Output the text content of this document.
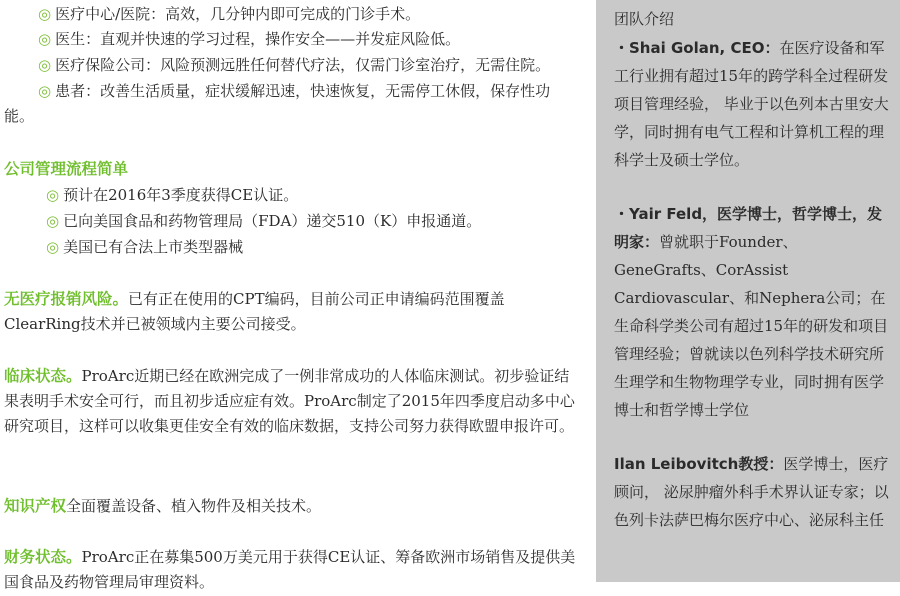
◎ 医疗中心/医院：高效，几分钟内即可完成的门诊手术。
◎ 医生：直观并快速的学习过程，操作安全——并发症风险低。
◎ 医疗保险公司：风险预测远胜任何替代疗法，仅需门诊室治疗，无需住院。
◎ 患者：改善生活质量，症状缓解迅速，快速恢复，无需停工休假，保存性功能。
公司管理流程简单
◎ 预计在2016年3季度获得CE认证。
◎ 已向美国食品和药物管理局（FDA）递交510（K）申报通道。
◎ 美国已有合法上市类型器械
无医疗报销风险。已有正在使用的CPT编码，目前公司正申请编码范围覆盖ClearRing技术并已被领域内主要公司接受。
临床状态。ProArc近期已经在欧洲完成了一例非常成功的人体临床测试。初步验证结果表明手术安全可行，而且初步适应症有效。ProArc制定了2015年四季度启动多中心研究项目，这样可以收集更佳安全有效的临床数据，支持公司努力获得欧盟申报许可。
知识产权全面覆盖设备、植入物件及相关技术。
财务状态。ProArc正在募集500万美元用于获得CE认证、筹备欧洲市场销售及提供美国食品及药物管理局审理资料。
团队介绍
・Shai Golan, CEO：在医疗设备和军工行业拥有超过15年的跨学科全过程研发项目管理经验， 毕业于以色列本古里安大学，同时拥有电气工程和计算机工程的理科学士及硕士学位。
・Yair Feld，医学博士，哲学博士，发明家：曾就职于Founder、GeneGrafts、CorAssist Cardiovascular、和Nephera公司；在生命科学类公司有超过15年的研发和项目管理经验；曾就读以色列科学技术研究所生理学和生物物理学专业，同时拥有医学博士和哲学博士学位
Ilan Leibovitch教授：医学博士，医疗顾问， 泌尿肿瘤外科手术界认证专家；以色列卡法萨巴梅尔医疗中心、泌尿科主任
